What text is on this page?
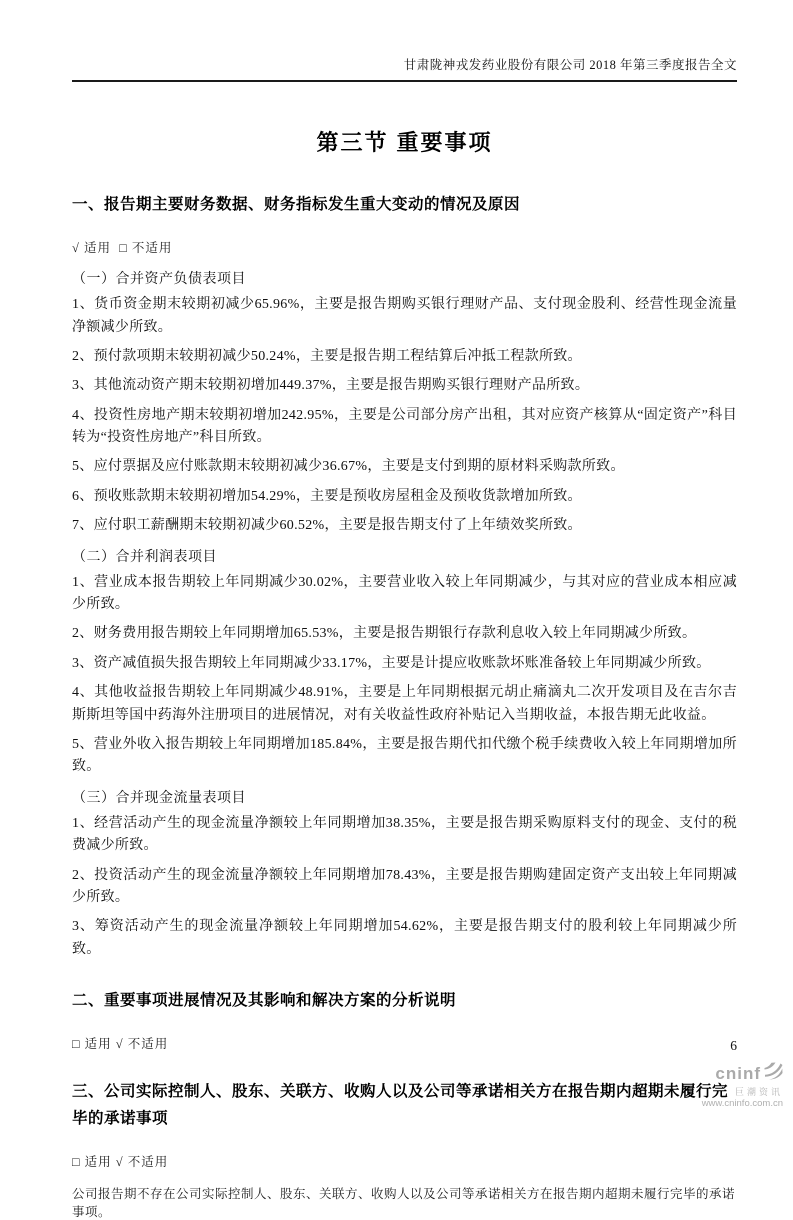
甘肃陇神戎发药业股份有限公司 2018 年第三季度报告全文
第三节 重要事项
一、报告期主要财务数据、财务指标发生重大变动的情况及原因

√ 适用  □ 不适用

（一）合并资产负债表项目

1、货币资金期末较期初减少65.96%，主要是报告期购买银行理财产品、支付现金股利、经营性现金流量净额减少所致。

2、预付款项期末较期初减少50.24%，主要是报告期工程结算后冲抵工程款所致。

3、其他流动资产期末较期初增加449.37%，主要是报告期购买银行理财产品所致。

4、投资性房地产期末较期初增加242.95%，主要是公司部分房产出租，其对应资产核算从“固定资产”科目转为“投资性房地产”科目所致。

5、应付票据及应付账款期末较期初减少36.67%，主要是支付到期的原材料采购款所致。

6、预收账款期末较期初增加54.29%，主要是预收房屋租金及预收货款增加所致。

7、应付职工薪酬期末较期初减少60.52%，主要是报告期支付了上年绩效奖所致。

（二）合并利润表项目

1、营业成本报告期较上年同期减少30.02%，主要营业收入较上年同期减少，与其对应的营业成本相应减少所致。

2、财务费用报告期较上年同期增加65.53%，主要是报告期银行存款利息收入较上年同期减少所致。

3、资产减值损失报告期较上年同期减少33.17%，主要是计提应收账款坏账准备较上年同期减少所致。

4、其他收益报告期较上年同期减少48.91%，主要是上年同期根据元胡止痛滴丸二次开发项目及在吉尔吉斯斯坦等国中药海外注册项目的进展情况，对有关收益性政府补贴记入当期收益，本报告期无此收益。

5、营业外收入报告期较上年同期增加185.84%，主要是报告期代扣代缴个税手续费收入较上年同期增加所致。

（三）合并现金流量表项目

1、经营活动产生的现金流量净额较上年同期增加38.35%，主要是报告期采购原料支付的现金、支付的税费减少所致。

2、投资活动产生的现金流量净额较上年同期增加78.43%，主要是报告期购建固定资产支出较上年同期减少所致。

3、筹资活动产生的现金流量净额较上年同期增加54.62%，主要是报告期支付的股利较上年同期减少所致。

二、重要事项进展情况及其影响和解决方案的分析说明

□ 适用 √ 不适用

三、公司实际控制人、股东、关联方、收购人以及公司等承诺相关方在报告期内超期未履行完毕的承诺事项

□ 适用 √ 不适用

公司报告期不存在公司实际控制人、股东、关联方、收购人以及公司等承诺相关方在报告期内超期未履行完毕的承诺事项。

6
cninf
巨潮资讯
www.cninfo.com.cn
